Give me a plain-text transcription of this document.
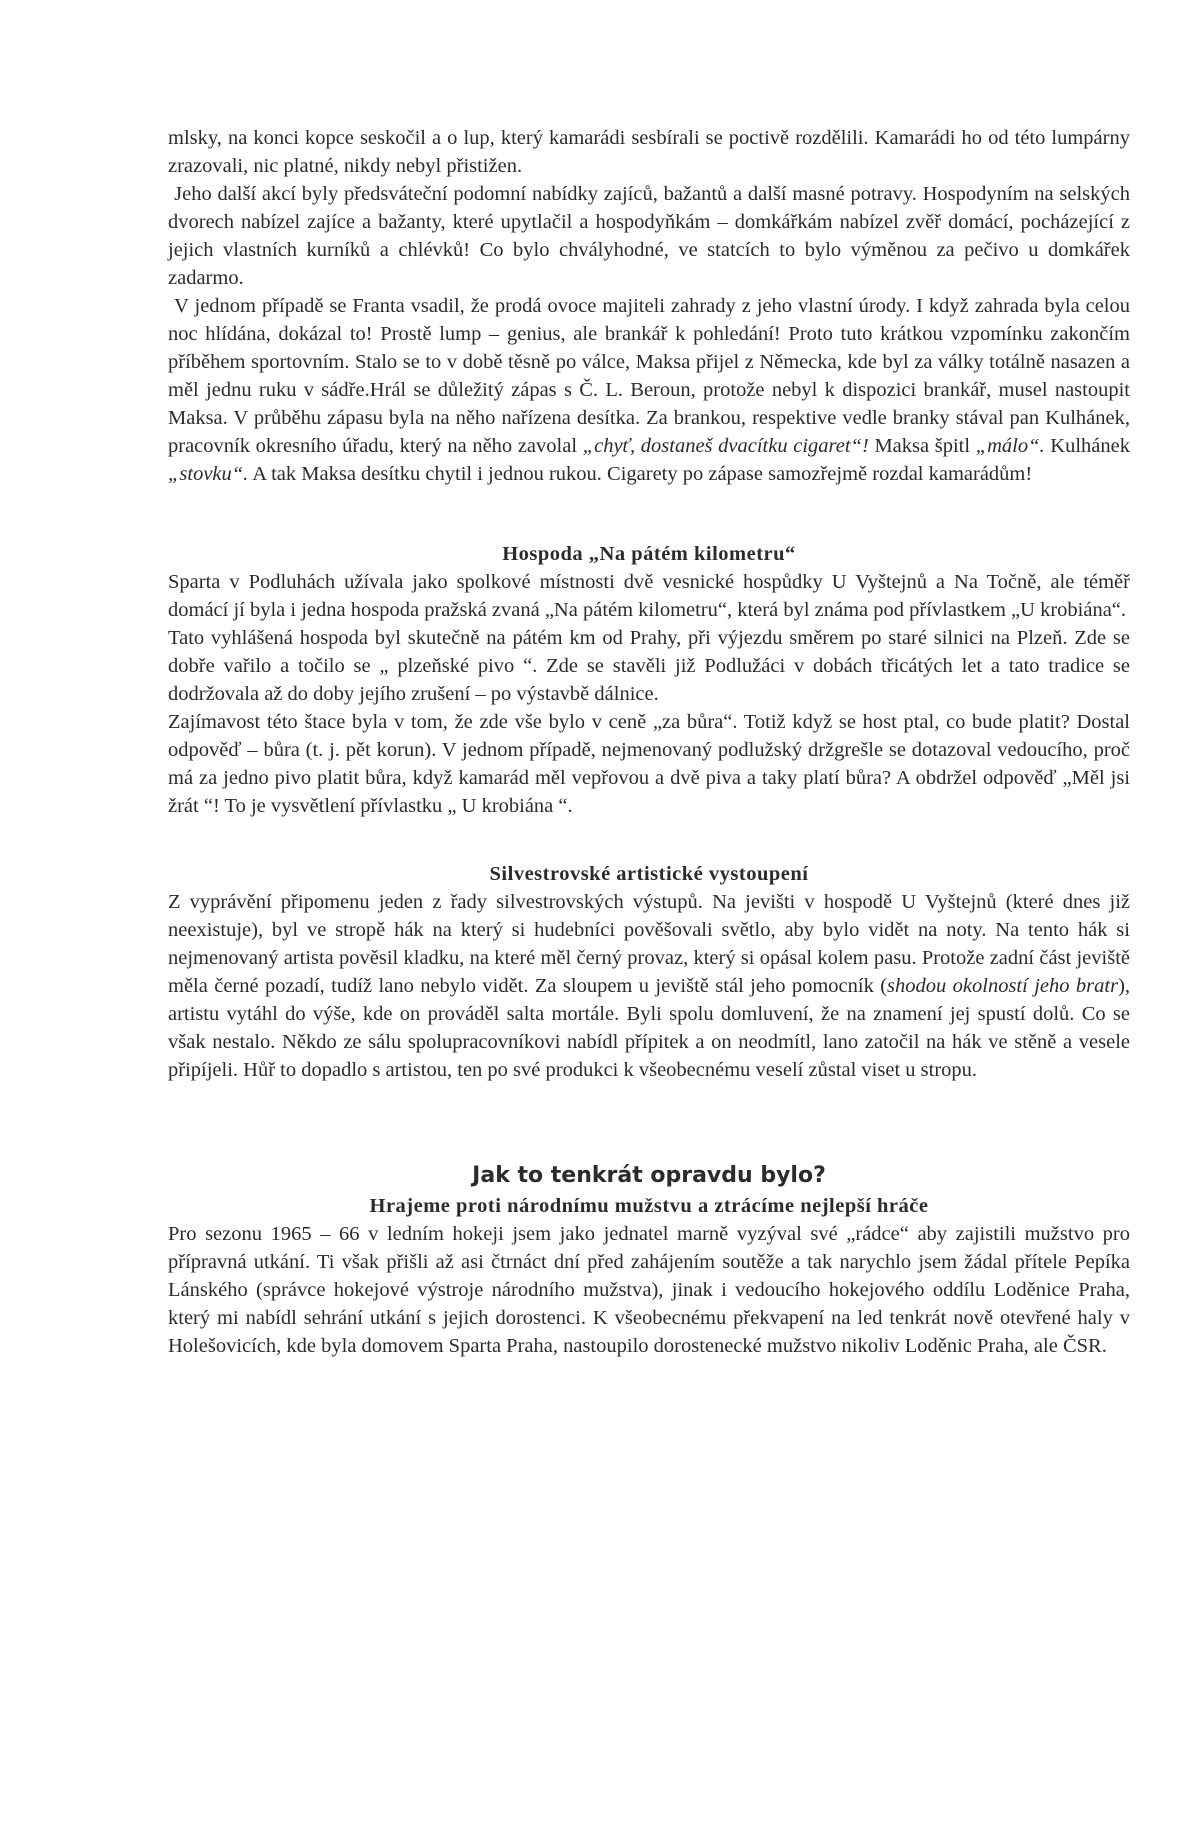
mlsky, na konci kopce seskočil a o lup, který kamarádi sesbírali se poctivě rozdělili. Kamarádi ho od této lumpárny zrazovali, nic platné, nikdy nebyl přistižen.

Jeho další akcí byly předsváteční podomní nabídky zajíců, bažantů a další masné potravy. Hospodyním na selských dvorech nabízel zajíce a bažanty, které upytlačil a hospodyňkám – domkářkám nabízel zvěř domácí, pocházející z jejich vlastních kurníků a chlévků! Co bylo chvályhodné, ve statcích to bylo výměnou za pečivo u domkářek zadarmo.

V jednom případě se Franta vsadil, že prodá ovoce majiteli zahrady z jeho vlastní úrody. I když zahrada byla celou noc hlídána, dokázal to! Prostě lump – genius, ale brankář k pohledání! Proto tuto krátkou vzpomínku zakončím příběhem sportovním. Stalo se to v době těsně po válce, Maksa přijel z Německa, kde byl za války totálně nasazen a měl jednu ruku v sádře.Hrál se důležitý zápas s Č. L. Beroun, protože nebyl k dispozici brankář, musel nastoupit Maksa. V průběhu zápasu byla na něho nařízena desítka. Za brankou, respektive vedle branky stával pan Kulhánek, pracovník okresního úřadu, který na něho zavolal „chyť, dostaneš dvacítku cigaret“! Maksa špitl „málo“. Kulhánek „stovku“. A tak Maksa desítku chytil i jednou rukou. Cigarety po zápase samozřejmě rozdal kamarádům!

Hospoda „Na pátém kilometru“

Sparta v Podluhách užívala jako spolkové místnosti dvě vesnické hospůdky U Vyštejnů a Na Točně, ale téměř domácí jí byla i jedna hospoda pražská zvaná „Na pátém kilometru“, která byl známa pod přívlastkem „U krobiána“.

Tato vyhlášená hospoda byl skutečně na pátém km od Prahy, při výjezdu směrem po staré silnici na Plzeň. Zde se dobře vařilo a točilo se „ plzeňské pivo “. Zde se stavěli již Podlužáci v dobách třicátých let a tato tradice se dodržovala až do doby jejího zrušení – po výstavbě dálnice.

Zajímavost této štace byla v tom, že zde vše bylo v ceně „za bůra“. Totiž když se host ptal, co bude platit? Dostal odpověď – bůra (t. j. pět korun). V jednom případě, nejmenovaný podlužský držgrešle se dotazoval vedoucího, proč má za jedno pivo platit bůra, když kamarád měl vepřovou a dvě piva a taky platí bůra? A obdržel odpověď „Měl jsi žrát “! To je vysvětlení přívlastku „ U krobiána “.

Silvestrovské artistické vystoupení

Z vyprávění připomenu jeden z řady silvestrovských výstupů. Na jevišti v hospodě U Vyštejnů (které dnes již neexistuje), byl ve stropě hák na který si hudebníci pověšovali světlo, aby bylo vidět na noty. Na tento hák si nejmenovaný artista pověsil kladku, na které měl černý provaz, který si opásal kolem pasu. Protože zadní část jeviště měla černé pozadí, tudíž lano nebylo vidět. Za sloupem u jeviště stál jeho pomocník (shodou okolností jeho bratr), artistu vytáhl do výše, kde on prováděl salta mortále. Byli spolu domluvení, že na znamení jej spustí dolů. Co se však nestalo. Někdo ze sálu spolupracovníkovi nabídl přípitek a on neodmítl, lano zatočil na hák ve stěně a vesele připíjeli. Hůř to dopadlo s artistou, ten po své produkci k všeobecnému veselí zůstal viset u stropu.

Jak to tenkrát opravdu bylo?
Hrajeme proti národnímu mužstvu a ztrácíme nejlepší hráče

Pro sezonu 1965 – 66 v ledním hokeji jsem jako jednatel marně vyzýval své „rádce“ aby zajistili mužstvo pro přípravná utkání. Ti však přišli až asi čtrnáct dní před zahájením soutěže a tak narychlo jsem žádal přítele Pepíka Lánského (správce hokejové výstroje národního mužstva), jinak i vedoucího hokejového oddílu Loděnice Praha, který mi nabídl sehrání utkání s jejich dorostenci. K všeobecnému překvapení na led tenkrát nově otevřené haly v Holešovicích, kde byla domovem Sparta Praha, nastoupilo dorostenecké mužstvo nikoliv Loděnic Praha, ale ČSR.
